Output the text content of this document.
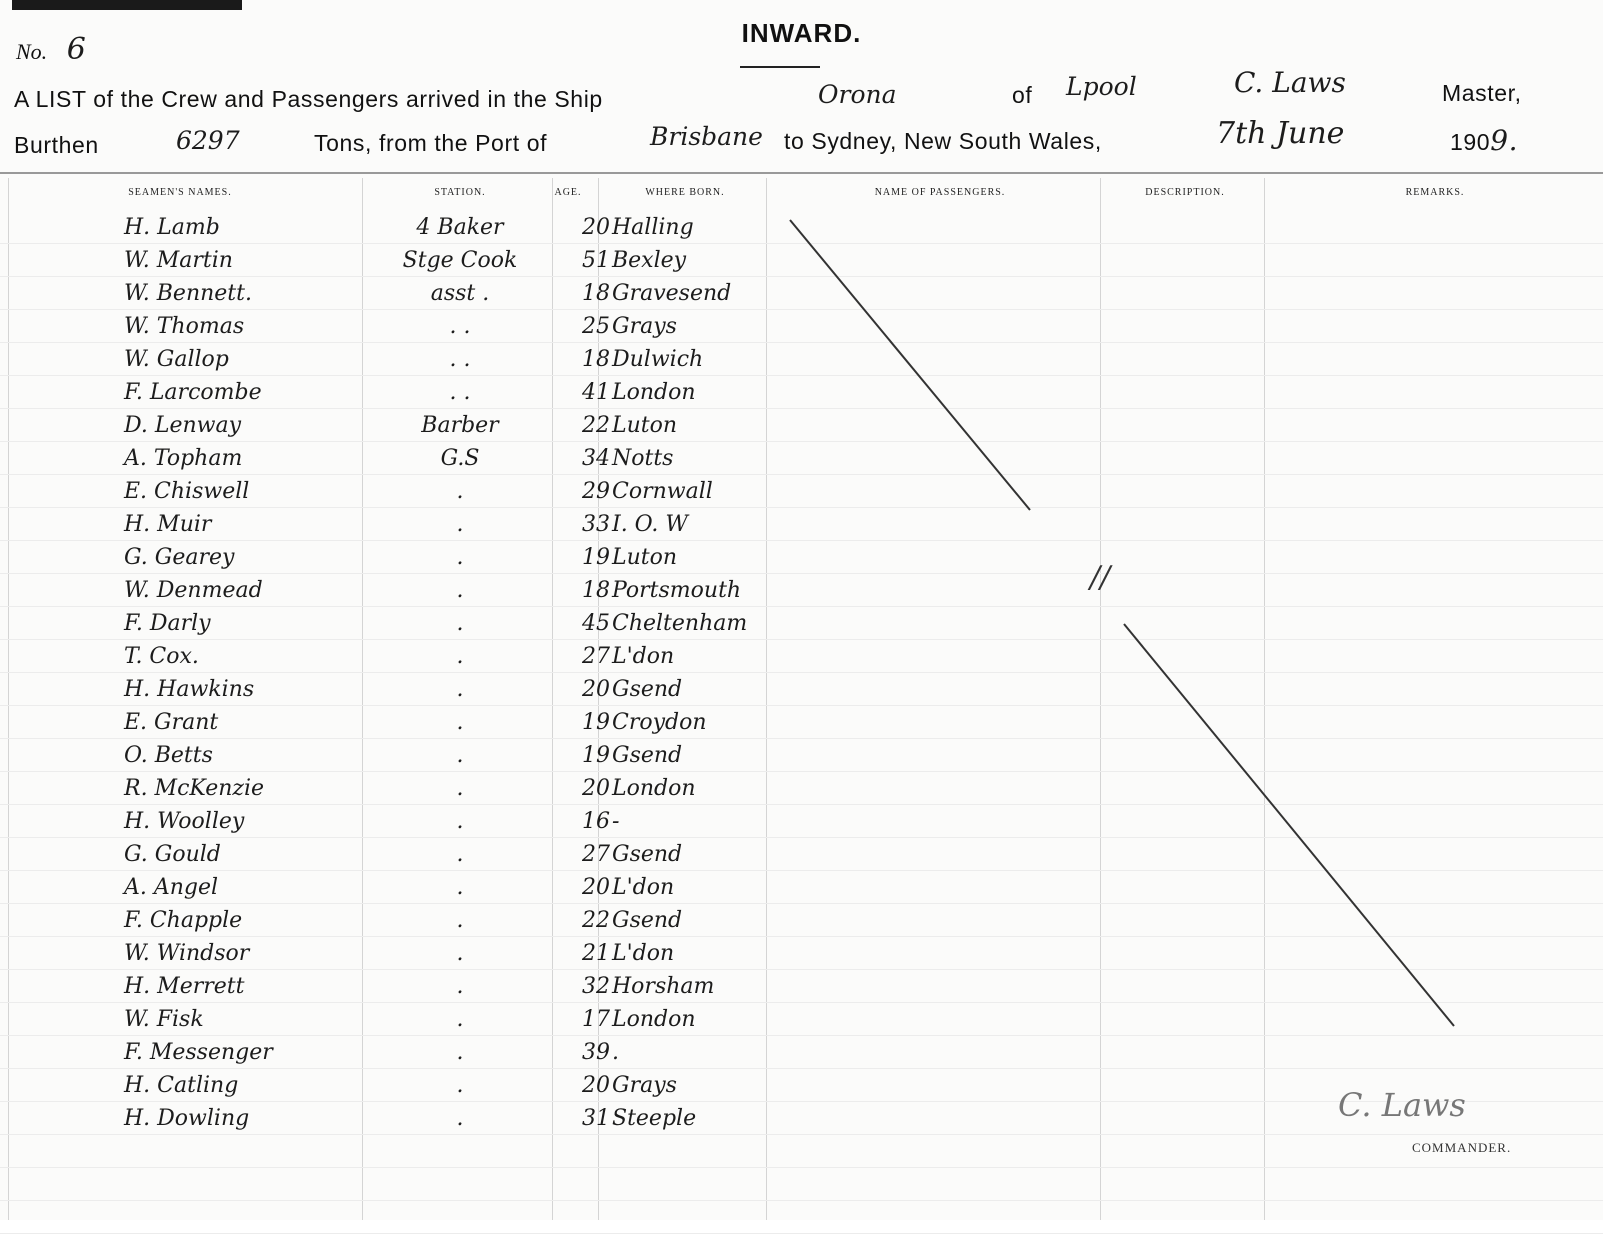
No. 6	INWARD.
A LIST of the Crew and Passengers arrived in the Ship	Orona	of Lpool	C. Laws	Master,
Burthen	6297	Tons, from the Port of	Brisbane to Sydney, New South Wales,	7th June	1909.
SEAMEN'S NAMES.	STATION.	AGE.	WHERE BORN.	NAME OF PASSENGERS.	DESCRIPTION.	REMARKS.
H. Lamb	4 Baker	20 Halling
W. Martin	Stge Cook	51 Bexley
W. Bennett.	asst .	18 Gravesend
W. Thomas	. .	25 Grays
W. Gallop	. .	18 Dulwich
F. Larcombe	. .	41 London
D. Lenway	Barber	22 Luton
A. Topham	G.S	34 Notts
E. Chiswell	.	29 Cornwall
H. Muir	.	33 I. O. W
G. Gearey	.	19 Luton
W. Denmead	.	18 Portsmouth
F. Darly	.	45 Cheltenham
T. Cox.	.	27 L'don
H. Hawkins	.	20 Gsend
E. Grant	.	19 Croydon
O. Betts	.	19 Gsend
R. McKenzie	.	20 London
H. Woolley	.	16 -
G. Gould	.	27 Gsend
A. Angel	.	20 L'don
F. Chapple	.	22 Gsend
W. Windsor	.	21 L'don
H. Merrett	.	32 Horsham
W. Fisk	.	17 London
F. Messenger	.	39 .
H. Catling	.	20 Grays
H. Dowling	.	31 Steeple
//
C. Laws
COMMANDER.
